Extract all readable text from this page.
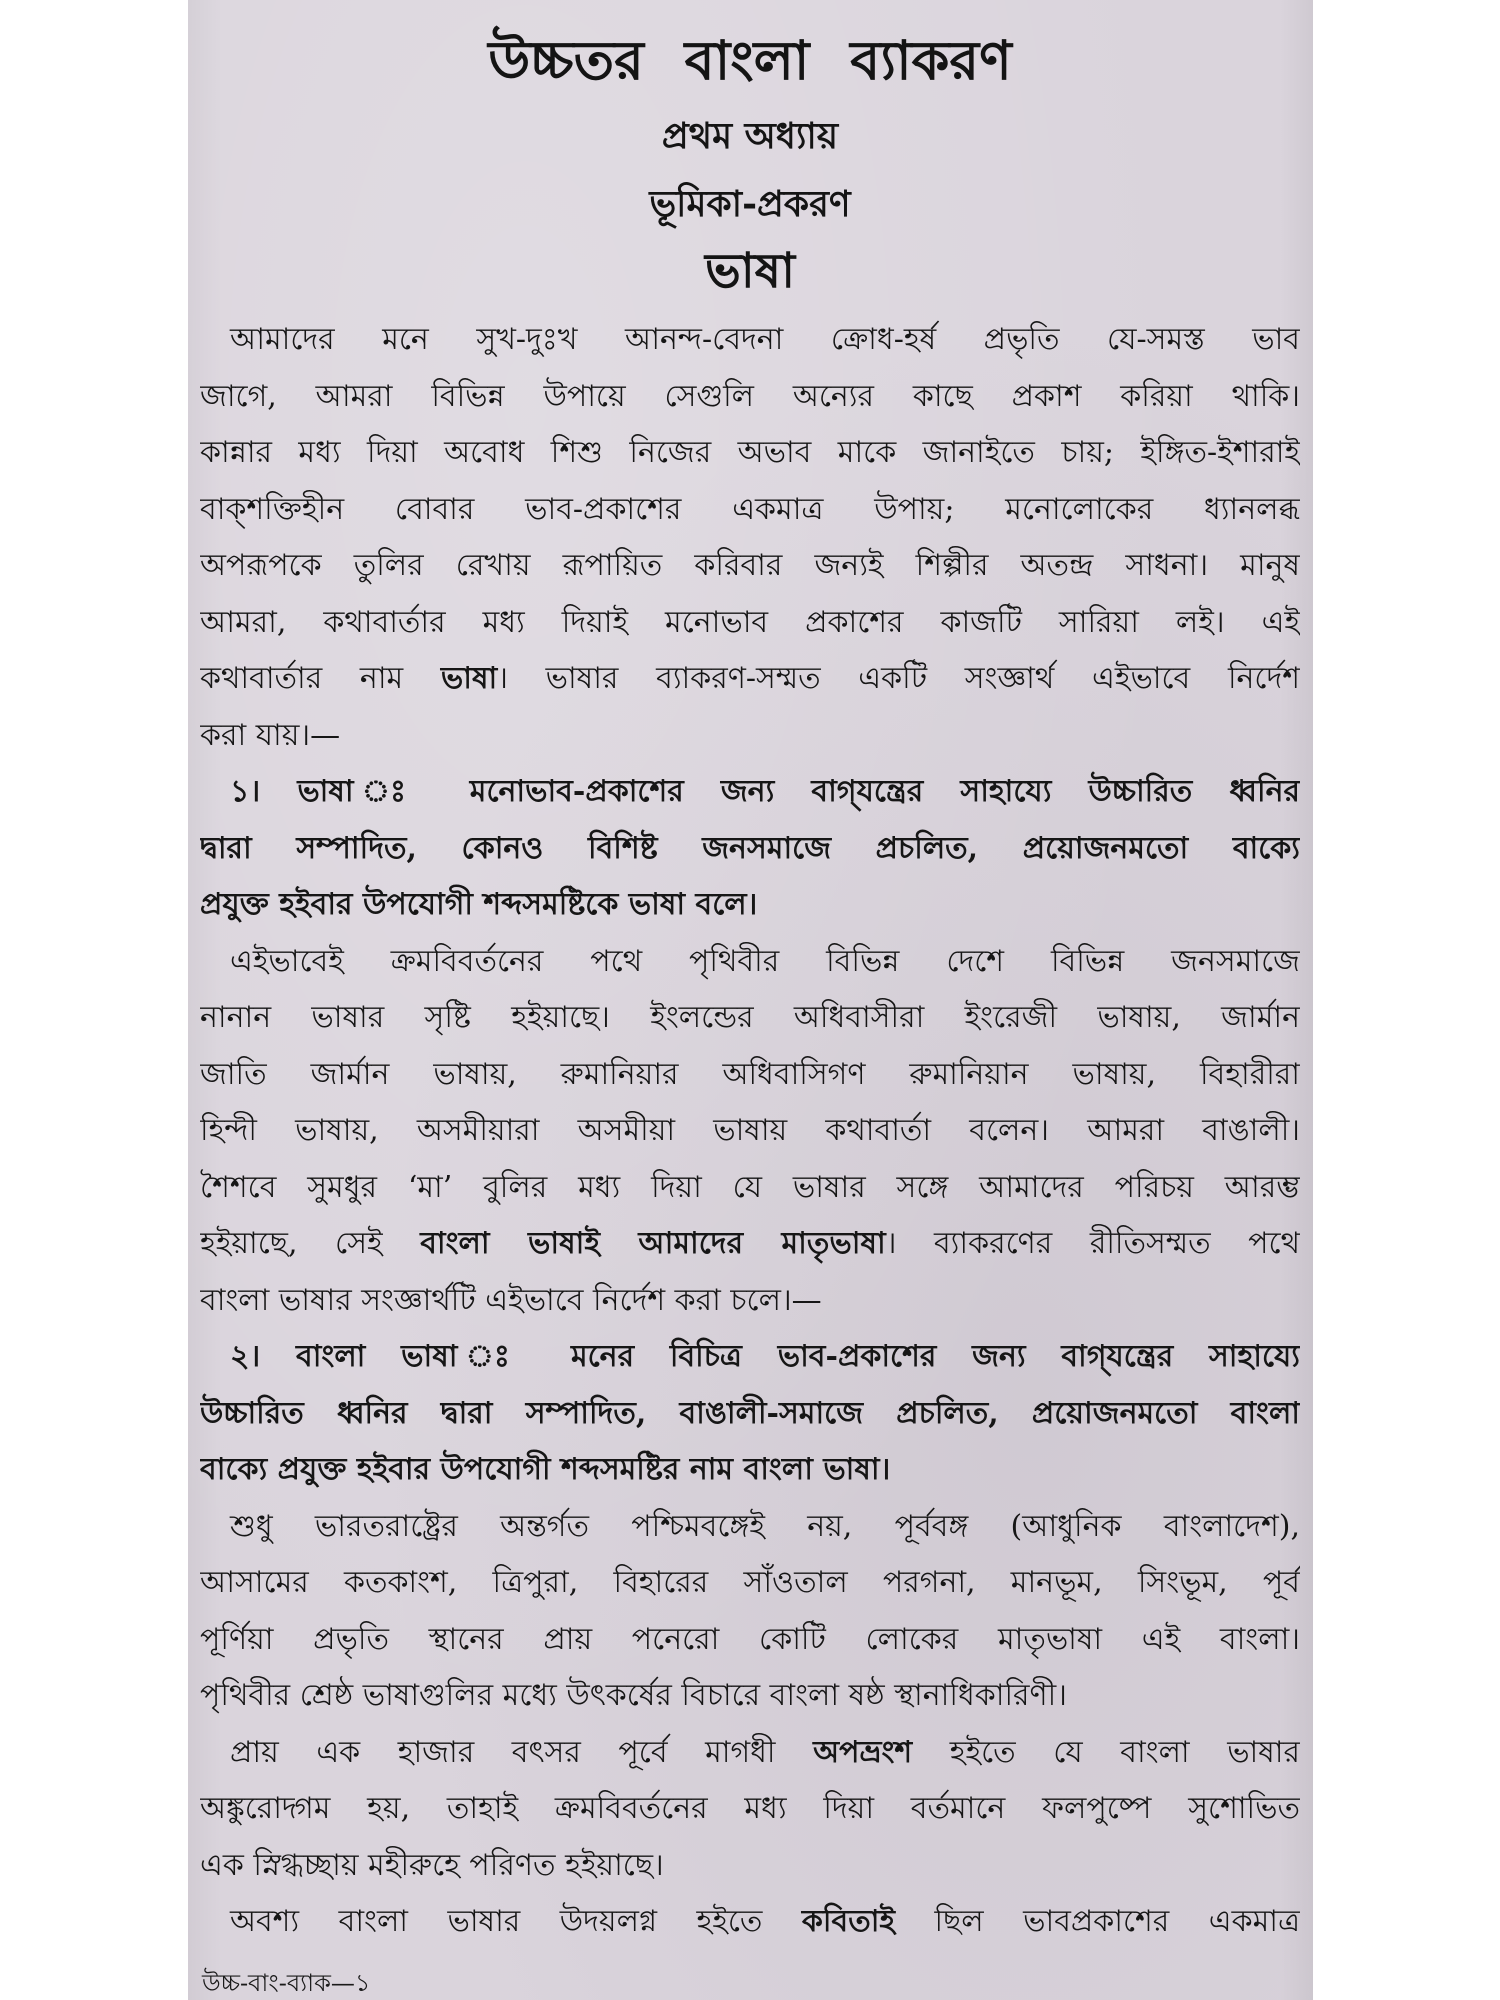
উচ্চতর বাংলা ব্যাকরণ
প্রথম অধ্যায়
ভূমিকা-প্রকরণ
ভাষা
আমাদের মনে সুখ-দুঃখ আনন্দ-বেদনা ক্রোধ-হর্ষ প্রভৃতি যে-সমস্ত ভাব
জাগে, আমরা বিভিন্ন উপায়ে সেগুলি অন্যের কাছে প্রকাশ করিয়া থাকি।
কান্নার মধ্য দিয়া অবোধ শিশু নিজের অভাব মাকে জানাইতে চায়; ইঙ্গিত-ইশারাই
বাক্‌শক্তিহীন বোবার ভাব-প্রকাশের একমাত্র উপায়; মনোলোকের ধ্যানলব্ধ
অপরূপকে তুলির রেখায় রূপায়িত করিবার জন্যই শিল্পীর অতন্দ্র সাধনা। মানুষ
আমরা, কথাবার্তার মধ্য দিয়াই মনোভাব প্রকাশের কাজটি সারিয়া লই। এই
কথাবার্তার নাম ভাষা। ভাষার ব্যাকরণ-সম্মত একটি সংজ্ঞার্থ এইভাবে নির্দেশ
করা যায়।—
১। ভাষা ঃ মনোভাব-প্রকাশের জন্য বাগ্‌যন্ত্রের সাহায্যে উচ্চারিত ধ্বনির
দ্বারা সম্পাদিত, কোনও বিশিষ্ট জনসমাজে প্রচলিত, প্রয়োজনমতো বাক্যে
প্রযুক্ত হইবার উপযোগী শব্দসমষ্টিকে ভাষা বলে।
এইভাবেই ক্রমবিবর্তনের পথে পৃথিবীর বিভিন্ন দেশে বিভিন্ন জনসমাজে
নানান ভাষার সৃষ্টি হইয়াছে। ইংলন্ডের অধিবাসীরা ইংরেজী ভাষায়, জার্মান
জাতি জার্মান ভাষায়, রুমানিয়ার অধিবাসিগণ রুমানিয়ান ভাষায়, বিহারীরা
হিন্দী ভাষায়, অসমীয়ারা অসমীয়া ভাষায় কথাবার্তা বলেন। আমরা বাঙালী।
শৈশবে সুমধুর ‘মা’ বুলির মধ্য দিয়া যে ভাষার সঙ্গে আমাদের পরিচয় আরম্ভ
হইয়াছে, সেই বাংলা ভাষাই আমাদের মাতৃভাষা। ব্যাকরণের রীতিসম্মত পথে
বাংলা ভাষার সংজ্ঞার্থটি এইভাবে নির্দেশ করা চলে।—
২। বাংলা ভাষা ঃ মনের বিচিত্র ভাব-প্রকাশের জন্য বাগ্‌যন্ত্রের সাহায্যে
উচ্চারিত ধ্বনির দ্বারা সম্পাদিত, বাঙালী-সমাজে প্রচলিত, প্রয়োজনমতো বাংলা
বাক্যে প্রযুক্ত হইবার উপযোগী শব্দসমষ্টির নাম বাংলা ভাষা।
শুধু ভারতরাষ্ট্রের অন্তর্গত পশ্চিমবঙ্গেই নয়, পূর্ববঙ্গ (আধুনিক বাংলাদেশ),
আসামের কতকাংশ, ত্রিপুরা, বিহারের সাঁওতাল পরগনা, মানভূম, সিংভূম, পূর্ব
পূর্ণিয়া প্রভৃতি স্থানের প্রায় পনেরো কোটি লোকের মাতৃভাষা এই বাংলা।
পৃথিবীর শ্রেষ্ঠ ভাষাগুলির মধ্যে উৎকর্ষের বিচারে বাংলা ষষ্ঠ স্থানাধিকারিণী।
প্রায় এক হাজার বৎসর পূর্বে মাগধী অপভ্রংশ হইতে যে বাংলা ভাষার
অঙ্কুরোদ্গম হয়, তাহাই ক্রমবিবর্তনের মধ্য দিয়া বর্তমানে ফলপুষ্পে সুশোভিত
এক স্নিগ্ধচ্ছায় মহীরুহে পরিণত হইয়াছে।
অবশ্য বাংলা ভাষার উদয়লগ্ন হইতে কবিতাই ছিল ভাবপ্রকাশের একমাত্র
উচ্চ-বাং-ব্যাক—১
